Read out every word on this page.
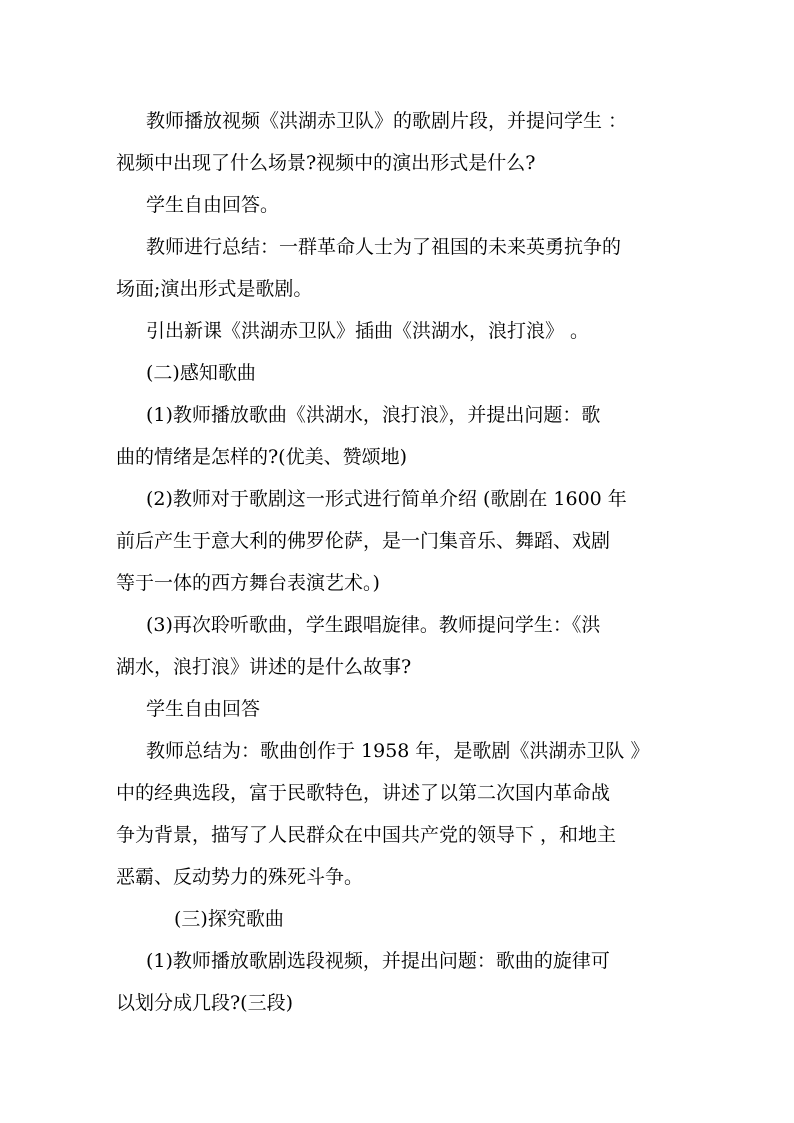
教师播放视频《洪湖赤卫队》的歌剧片段，并提问学生 ：
视频中出现了什么场景?视频中的演出形式是什么?
学生自由回答。
教师进行总结：一群革命人士为了祖国的未来英勇抗争的
场面;演出形式是歌剧。
引出新课《洪湖赤卫队》插曲《洪湖水，浪打浪》 。
(二)感知歌曲
(1)教师播放歌曲《洪湖水，浪打浪》，并提出问题：歌
曲的情绪是怎样的?(优美、赞颂地)
(2)教师对于歌剧这一形式进行简单介绍 (歌剧在 1600 年
前后产生于意大利的佛罗伦萨，是一门集音乐、舞蹈、戏剧
等于一体的西方舞台表演艺术。)
(3)再次聆听歌曲，学生跟唱旋律。教师提问学生：《洪
湖水，浪打浪》讲述的是什么故事?
学生自由回答
教师总结为：歌曲创作于 1958 年，是歌剧《洪湖赤卫队 》
中的经典选段，富于民歌特色，讲述了以第二次国内革命战
争为背景，描写了人民群众在中国共产党的领导下 ，和地主
恶霸、反动势力的殊死斗争。
(三)探究歌曲
(1)教师播放歌剧选段视频，并提出问题：歌曲的旋律可
以划分成几段?(三段)
